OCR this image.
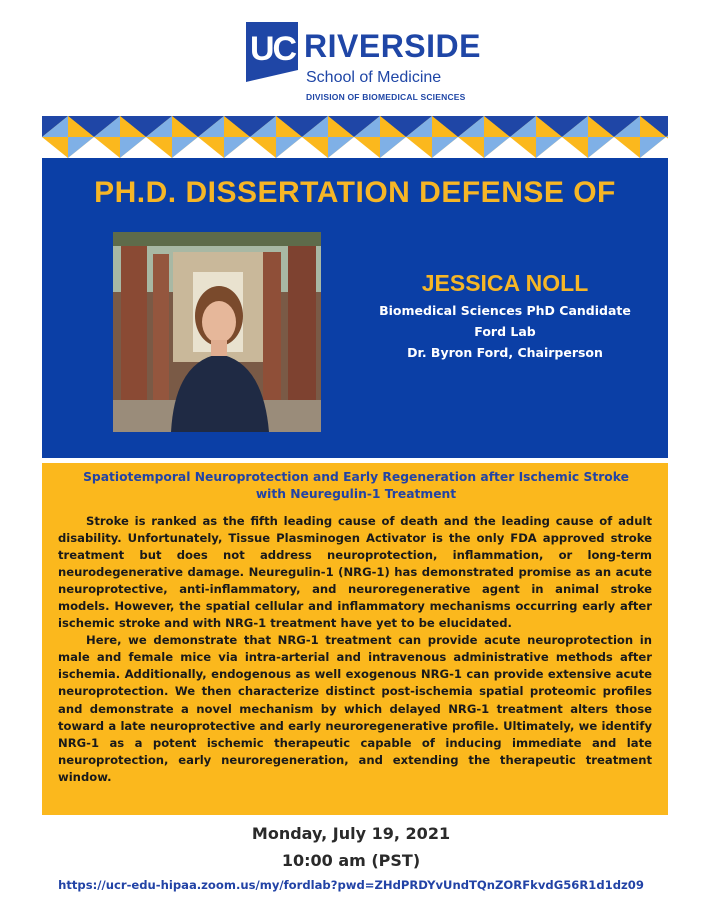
UC RIVERSIDE
School of Medicine
DIVISION OF BIOMEDICAL SCIENCES
PH.D. DISSERTATION DEFENSE OF
JESSICA NOLL
Biomedical Sciences PhD Candidate
Ford Lab
Dr. Byron Ford, Chairperson
Spatiotemporal Neuroprotection and Early Regeneration after Ischemic Stroke with Neuregulin-1 Treatment

Stroke is ranked as the fifth leading cause of death and the leading cause of adult disability. Unfortunately, Tissue Plasminogen Activator is the only FDA approved stroke treatment but does not address neuroprotection, inflammation, or long-term neurodegenerative damage. Neuregulin-1 (NRG-1) has demonstrated promise as an acute neuroprotective, anti-inflammatory, and neuroregenerative agent in animal stroke models. However, the spatial cellular and inflammatory mechanisms occurring early after ischemic stroke and with NRG-1 treatment have yet to be elucidated.

Here, we demonstrate that NRG-1 treatment can provide acute neuroprotection in male and female mice via intra-arterial and intravenous administrative methods after ischemia. Additionally, endogenous as well exogenous NRG-1 can provide extensive acute neuroprotection. We then characterize distinct post-ischemia spatial proteomic profiles and demonstrate a novel mechanism by which delayed NRG-1 treatment alters those toward a late neuroprotective and early neuroregenerative profile. Ultimately, we identify NRG-1 as a potent ischemic therapeutic capable of inducing immediate and late neuroprotection, early neuroregeneration, and extending the therapeutic treatment window.

Monday, July 19, 2021
10:00 am (PST)
https://ucr-edu-hipaa.zoom.us/my/fordlab?pwd=ZHdPRDYvUndTQnZORFkvdG56R1d1dz09
